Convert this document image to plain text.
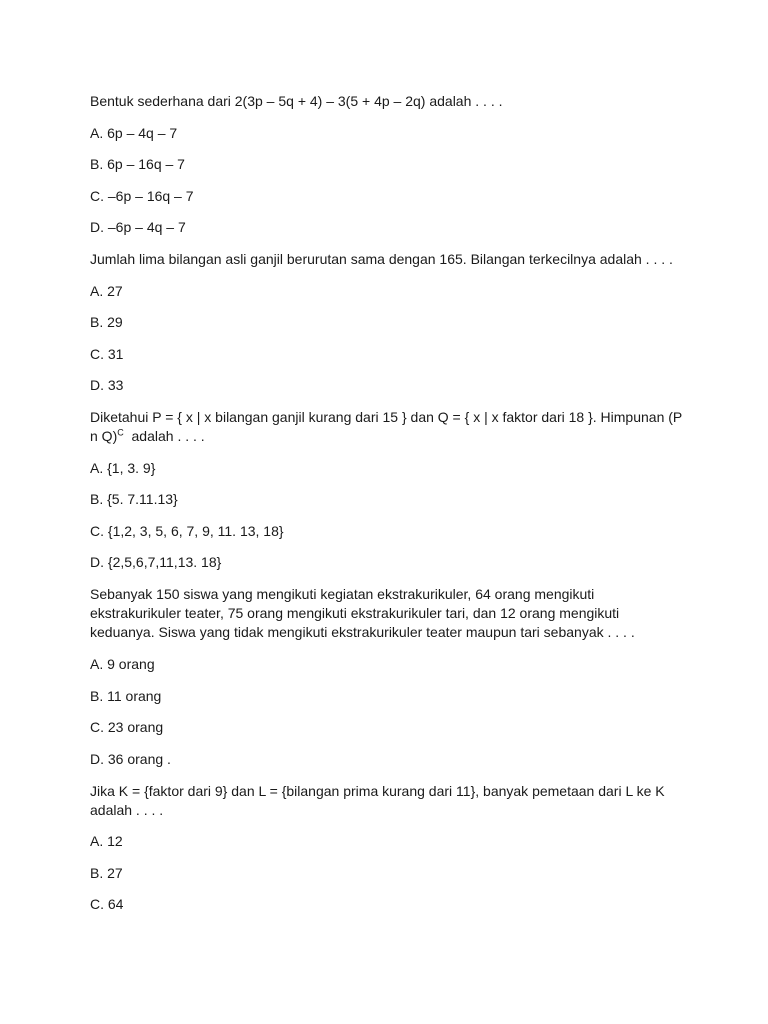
Bentuk sederhana dari 2(3p – 5q + 4) – 3(5 + 4p – 2q) adalah . . . .
A. 6p – 4q – 7
B. 6p – 16q – 7
C. –6p – 16q – 7
D. –6p – 4q – 7
Jumlah lima bilangan asli ganjil berurutan sama dengan 165. Bilangan terkecilnya adalah . . . .
A. 27
B. 29
C. 31
D. 33
Diketahui P = { x | x bilangan ganjil kurang dari 15 } dan Q = { x | x faktor dari 18 }. Himpunan (P
n Q)$^C$  adalah . . . .
A. {1, 3. 9}
B. {5. 7.11.13}
C. {1,2, 3, 5, 6, 7, 9, 11. 13, 18}
D. {2,5,6,7,11,13. 18}
Sebanyak 150 siswa yang mengikuti kegiatan ekstrakurikuler, 64 orang mengikuti
ekstrakurikuler teater, 75 orang mengikuti ekstrakurikuler tari, dan 12 orang mengikuti
keduanya. Siswa yang tidak mengikuti ekstrakurikuler teater maupun tari sebanyak . . . .
A. 9 orang
B. 11 orang
C. 23 orang
D. 36 orang .
Jika K = {faktor dari 9} dan L = {bilangan prima kurang dari 11}, banyak pemetaan dari L ke K
adalah . . . .
A. 12
B. 27
C. 64
